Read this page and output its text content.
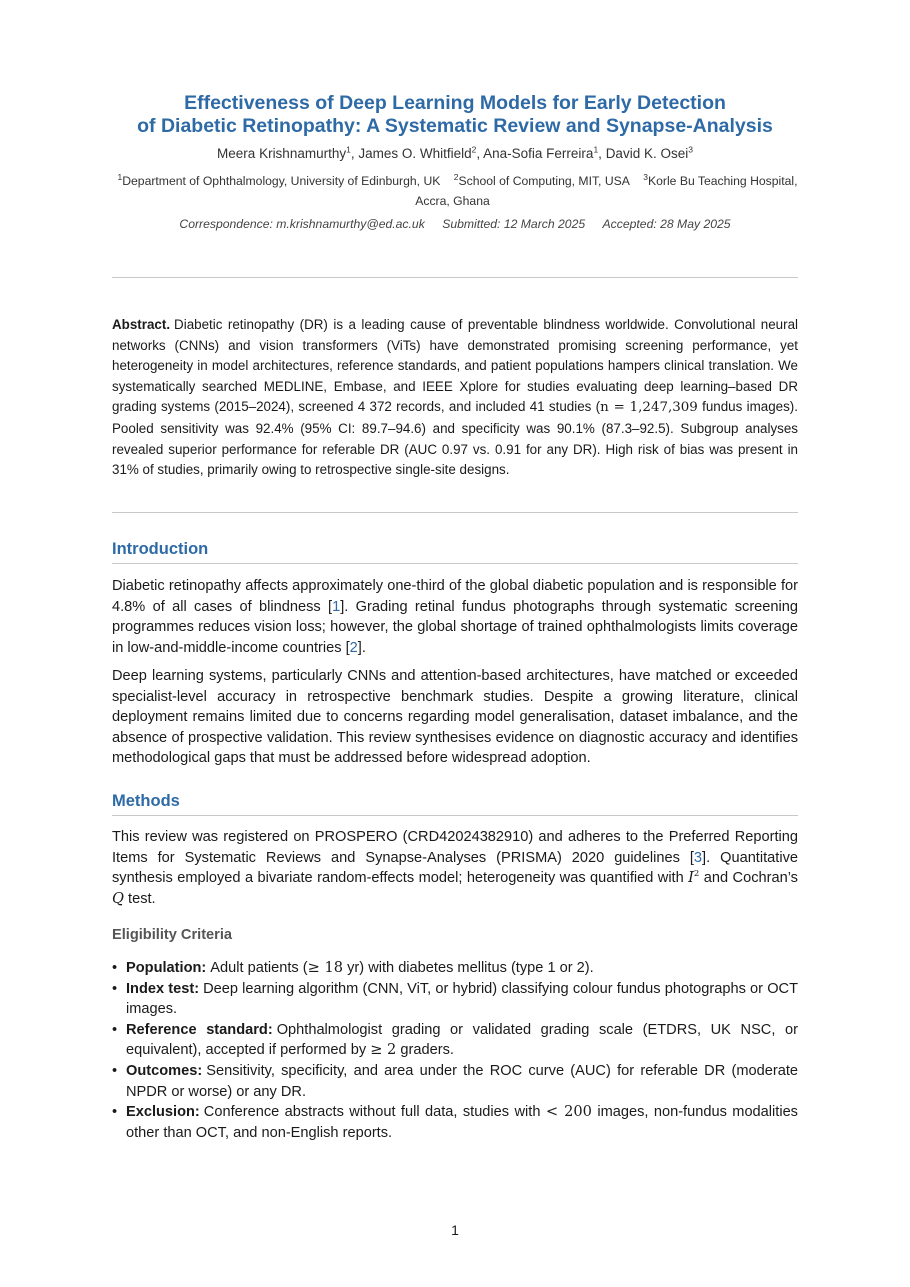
Effectiveness of Deep Learning Models for Early Detection
of Diabetic Retinopathy: A Systematic Review and Synapse-Analysis
Meera Krishnamurthy$^1$, James O. Whitfield$^2$, Ana-Sofia Ferreira$^1$, David K. Osei$^3$
$^1$Department of Ophthalmology, University of Edinburgh, UK $^2$School of Computing, MIT, USA $^3$Korle Bu Teaching Hospital, Accra, Ghana
Correspondence: m.krishnamurthy@ed.ac.uk Submitted: 12 March 2025 Accepted: 28 May 2025
Abstract. Diabetic retinopathy (DR) is a leading cause of preventable blindness worldwide. Convolutional neural networks (CNNs) and vision transformers (ViTs) have demonstrated promising screening performance, yet heterogeneity in model architectures, reference standards, and patient populations hampers clinical translation. We systematically searched MEDLINE, Embase, and IEEE Xplore for studies evaluating deep learning–based DR grading systems (2015–2024), screened 4 372 records, and included 41 studies (n = 1,247,309 fundus images). Pooled sensitivity was 92.4% (95% CI: 89.7–94.6) and specificity was 90.1% (87.3–92.5). Subgroup analyses revealed superior performance for referable DR (AUC 0.97 vs. 0.91 for any DR). High risk of bias was present in 31% of studies, primarily owing to retrospective single-site designs.
Introduction

Diabetic retinopathy affects approximately one-third of the global diabetic population and is responsible for 4.8% of all cases of blindness [1]. Grading retinal fundus photographs through systematic screening programmes reduces vision loss; however, the global shortage of trained ophthalmologists limits coverage in low-and-middle-income countries [2].

Deep learning systems, particularly CNNs and attention-based architectures, have matched or exceeded specialist-level accuracy in retrospective benchmark studies. Despite a growing literature, clinical deployment remains limited due to concerns regarding model generalisation, dataset imbalance, and the absence of prospective validation. This review synthesises evidence on diagnostic accuracy and identifies methodological gaps that must be addressed before widespread adoption.

Methods

This review was registered on PROSPERO (CRD42024382910) and adheres to the Preferred Reporting Items for Systematic Reviews and Synapse-Analyses (PRISMA) 2020 guidelines [3]. Quantitative synthesis employed a bivariate random-effects model; heterogeneity was quantified with $I^2$ and Cochran’s Q test.

Eligibility Criteria
• Population: Adult patients (≥ 18 yr) with diabetes mellitus (type 1 or 2).
• Index test: Deep learning algorithm (CNN, ViT, or hybrid) classifying colour fundus photographs or OCT images.
• Reference standard: Ophthalmologist grading or validated grading scale (ETDRS, UK NSC, or equivalent), accepted if performed by ≥ 2 graders.
• Outcomes: Sensitivity, specificity, and area under the ROC curve (AUC) for referable DR (moderate NPDR or worse) or any DR.
• Exclusion: Conference abstracts without full data, studies with < 200 images, non-fundus modalities other than OCT, and non-English reports.
1
